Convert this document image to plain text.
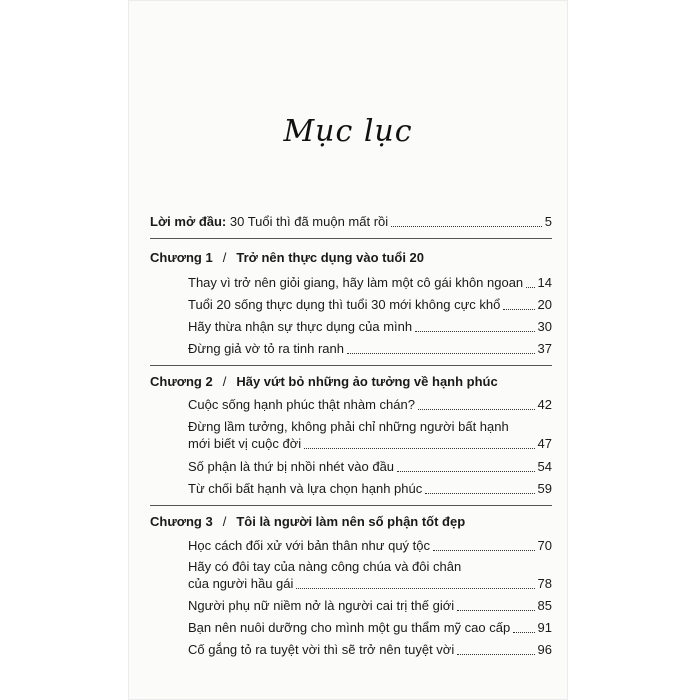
Mục lục
Lời mở đầu: 30 Tuổi thì đã muộn mất rồi	5
Chương 1 / Trở nên thực dụng vào tuổi 20
Thay vì trở nên giỏi giang, hãy làm một cô gái khôn ngoan 14
Tuổi 20 sống thực dụng thì tuổi 30 mới không cực khổ	20
Hãy thừa nhận sự thực dụng của mình	30
Đừng giả vờ tỏ ra tinh ranh	37
Chương 2 / Hãy vứt bỏ những ảo tưởng về hạnh phúc
Cuộc sống hạnh phúc thật nhàm chán?	42
Đừng lầm tưởng, không phải chỉ những người bất hạnh
mới biết vị cuộc đời	47
Số phận là thứ bị nhồi nhét vào đầu	54
Từ chối bất hạnh và lựa chọn hạnh phúc	59
Chương 3 / Tôi là người làm nên số phận tốt đẹp
Học cách đối xử với bản thân như quý tộc	70
Hãy có đôi tay của nàng công chúa và đôi chân
của người hầu gái	78
Người phụ nữ niềm nở là người cai trị thế giới	85
Bạn nên nuôi dưỡng cho mình một gu thẩm mỹ cao cấp 91
Cố gắng tỏ ra tuyệt vời thì sẽ trở nên tuyệt vời	96
